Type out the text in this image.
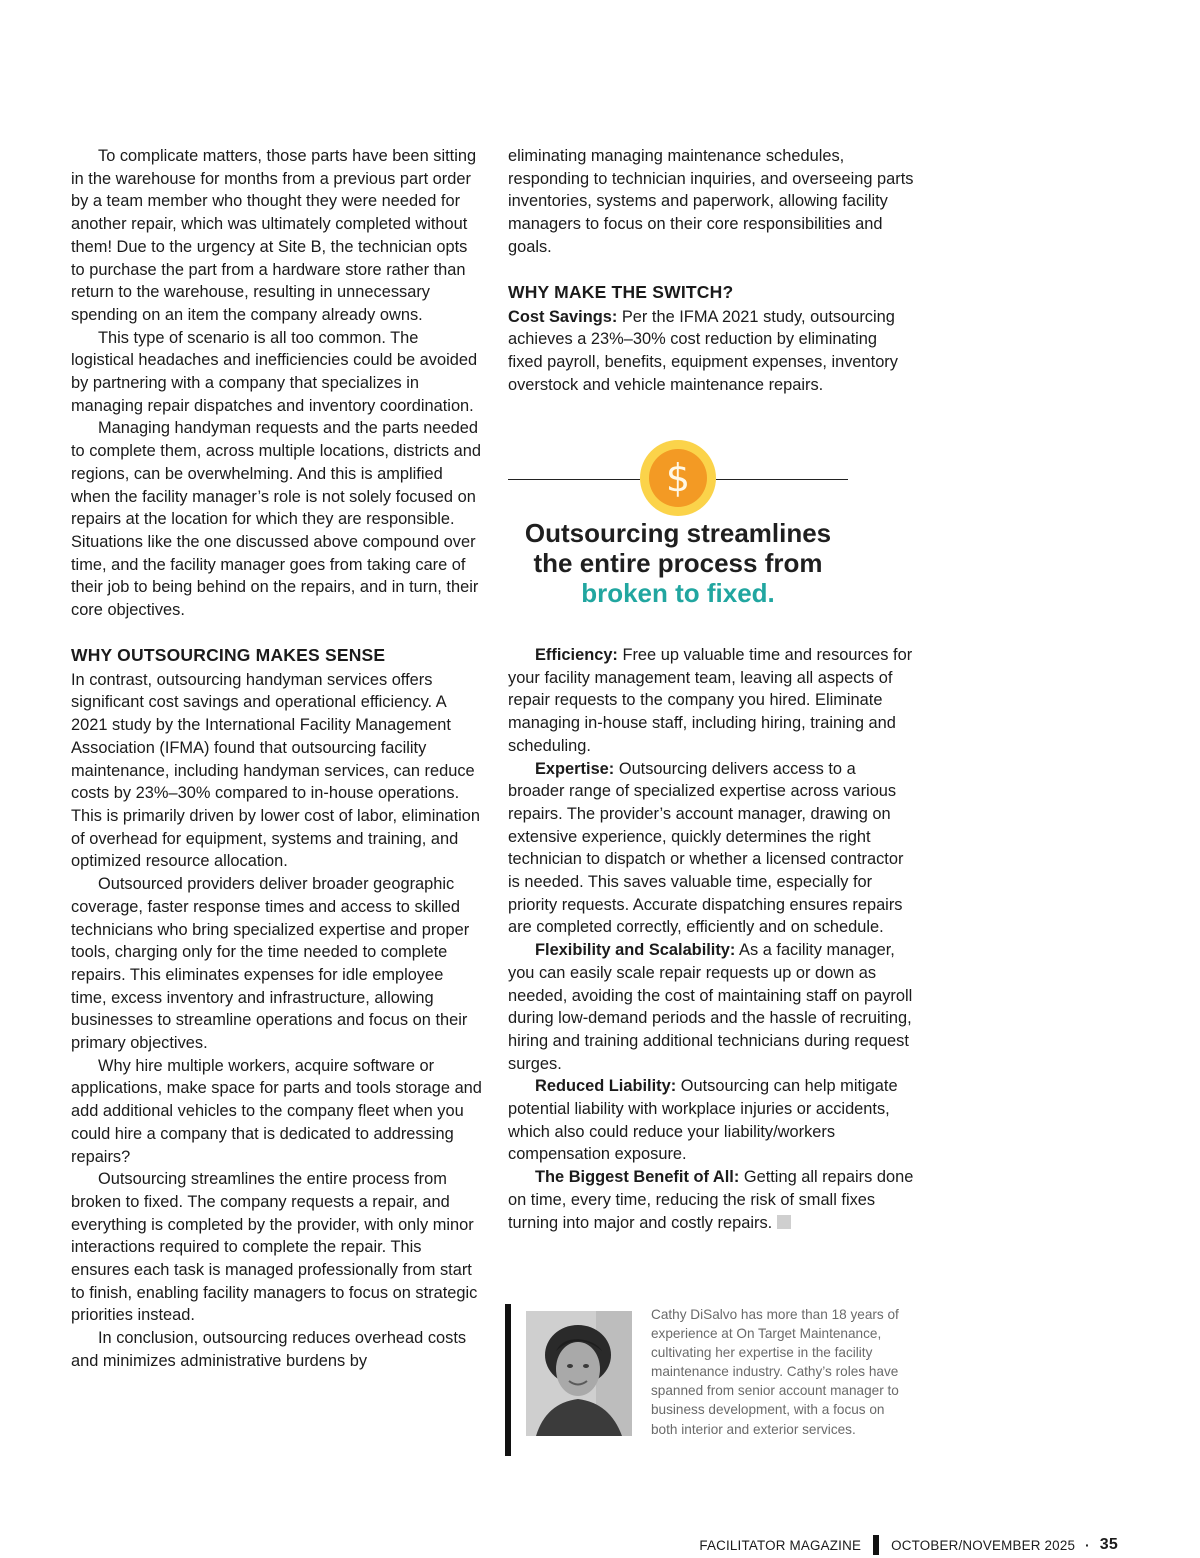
To complicate matters, those parts have been sitting in the warehouse for months from a previous part order by a team member who thought they were needed for another repair, which was ultimately completed without them! Due to the urgency at Site B, the technician opts to purchase the part from a hardware store rather than return to the warehouse, resulting in unnecessary spending on an item the company already owns.

This type of scenario is all too common. The logistical headaches and inefficiencies could be avoided by partnering with a company that specializes in managing repair dispatches and inventory coordination.

Managing handyman requests and the parts needed to complete them, across multiple locations, districts and regions, can be overwhelming. And this is amplified when the facility manager’s role is not solely focused on repairs at the location for which they are responsible. Situations like the one discussed above compound over time, and the facility manager goes from taking care of their job to being behind on the repairs, and in turn, their core objectives.

WHY OUTSOURCING MAKES SENSE

In contrast, outsourcing handyman services offers significant cost savings and operational efficiency. A 2021 study by the International Facility Management Association (IFMA) found that outsourcing facility maintenance, including handyman services, can reduce costs by 23%–30% compared to in-house operations. This is primarily driven by lower cost of labor, elimination of overhead for equipment, systems and training, and optimized resource allocation.

Outsourced providers deliver broader geographic coverage, faster response times and access to skilled technicians who bring specialized expertise and proper tools, charging only for the time needed to complete repairs. This eliminates expenses for idle employee time, excess inventory and infrastructure, allowing businesses to streamline operations and focus on their primary objectives.

Why hire multiple workers, acquire software or applications, make space for parts and tools storage and add additional vehicles to the company fleet when you could hire a company that is dedicated to addressing repairs?

Outsourcing streamlines the entire process from broken to fixed. The company requests a repair, and everything is completed by the provider, with only minor interactions required to complete the repair. This ensures each task is managed professionally from start to finish, enabling facility managers to focus on strategic priorities instead.

In conclusion, outsourcing reduces overhead costs and minimizes administrative burdens by

eliminating managing maintenance schedules, responding to technician inquiries, and overseeing parts inventories, systems and paperwork, allowing facility managers to focus on their core responsibilities and goals.

WHY MAKE THE SWITCH?

Cost Savings: Per the IFMA 2021 study, outsourcing achieves a 23%–30% cost reduction by eliminating fixed payroll, benefits, equipment expenses, inventory overstock and vehicle maintenance repairs.

$
Outsourcing streamlines
the entire process from
broken to fixed.

Efficiency: Free up valuable time and resources for your facility management team, leaving all aspects of repair requests to the company you hired. Eliminate managing in-house staff, including hiring, training and scheduling.

Expertise: Outsourcing delivers access to a broader range of specialized expertise across various repairs. The provider’s account manager, drawing on extensive experience, quickly determines the right technician to dispatch or whether a licensed contractor is needed. This saves valuable time, especially for priority requests. Accurate dispatching ensures repairs are completed correctly, efficiently and on schedule.

Flexibility and Scalability: As a facility manager, you can easily scale repair requests up or down as needed, avoiding the cost of maintaining staff on payroll during low-demand periods and the hassle of recruiting, hiring and training additional technicians during request surges.

Reduced Liability: Outsourcing can help mitigate potential liability with workplace injuries or accidents, which also could reduce your liability/workers compensation exposure.

The Biggest Benefit of All: Getting all repairs done on time, every time, reducing the risk of small fixes turning into major and costly repairs.

Cathy DiSalvo has more than 18 years of experience at On Target Maintenance, cultivating her expertise in the facility maintenance industry. Cathy’s roles have spanned from senior account manager to business development, with a focus on both interior and exterior services.
FACILITATOR MAGAZINE OCTOBER/NOVEMBER 2025 · 35
